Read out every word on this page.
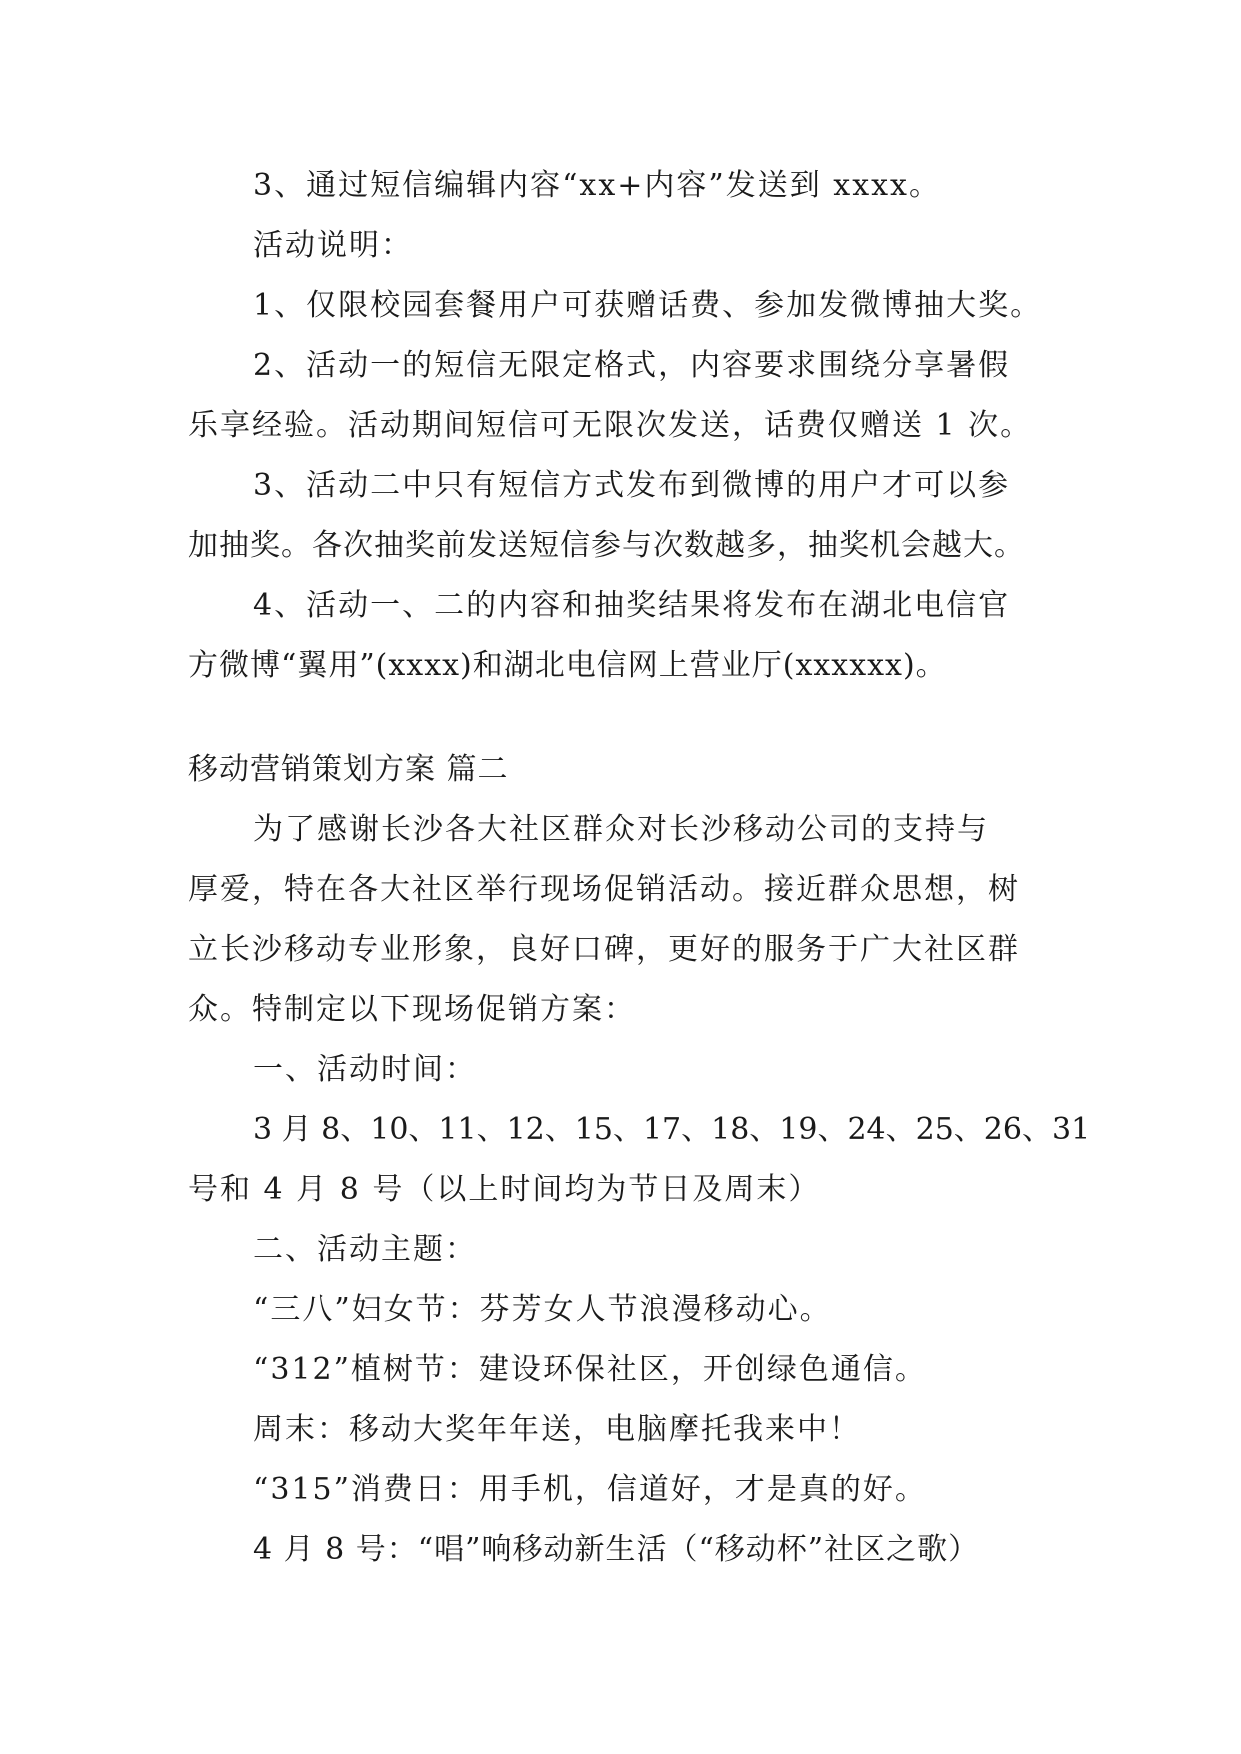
3、通过短信编辑内容“xx+内容”发送到 xxxx。
活动说明：
1、仅限校园套餐用户可获赠话费、参加发微博抽大奖。
2、活动一的短信无限定格式，内容要求围绕分享暑假
乐享经验。活动期间短信可无限次发送，话费仅赠送 1 次。
3、活动二中只有短信方式发布到微博的用户才可以参
加抽奖。各次抽奖前发送短信参与次数越多，抽奖机会越大。
4、活动一、二的内容和抽奖结果将发布在湖北电信官
方微博“翼用”(xxxx)和湖北电信网上营业厅(xxxxxx)。
移动营销策划方案 篇二
为了感谢长沙各大社区群众对长沙移动公司的支持与
厚爱，特在各大社区举行现场促销活动。接近群众思想，树
立长沙移动专业形象，良好口碑，更好的服务于广大社区群
众。特制定以下现场促销方案：
一、活动时间：
3 月 8、10、11、12、15、17、18、19、24、25、26、31
号和 4 月 8 号（以上时间均为节日及周末）
二、活动主题：
“三八”妇女节：芬芳女人节浪漫移动心。
“312”植树节：建设环保社区，开创绿色通信。
周末：移动大奖年年送，电脑摩托我来中！
“315”消费日：用手机，信道好，才是真的好。
4 月 8 号：“唱”响移动新生活（“移动杯”社区之歌）
